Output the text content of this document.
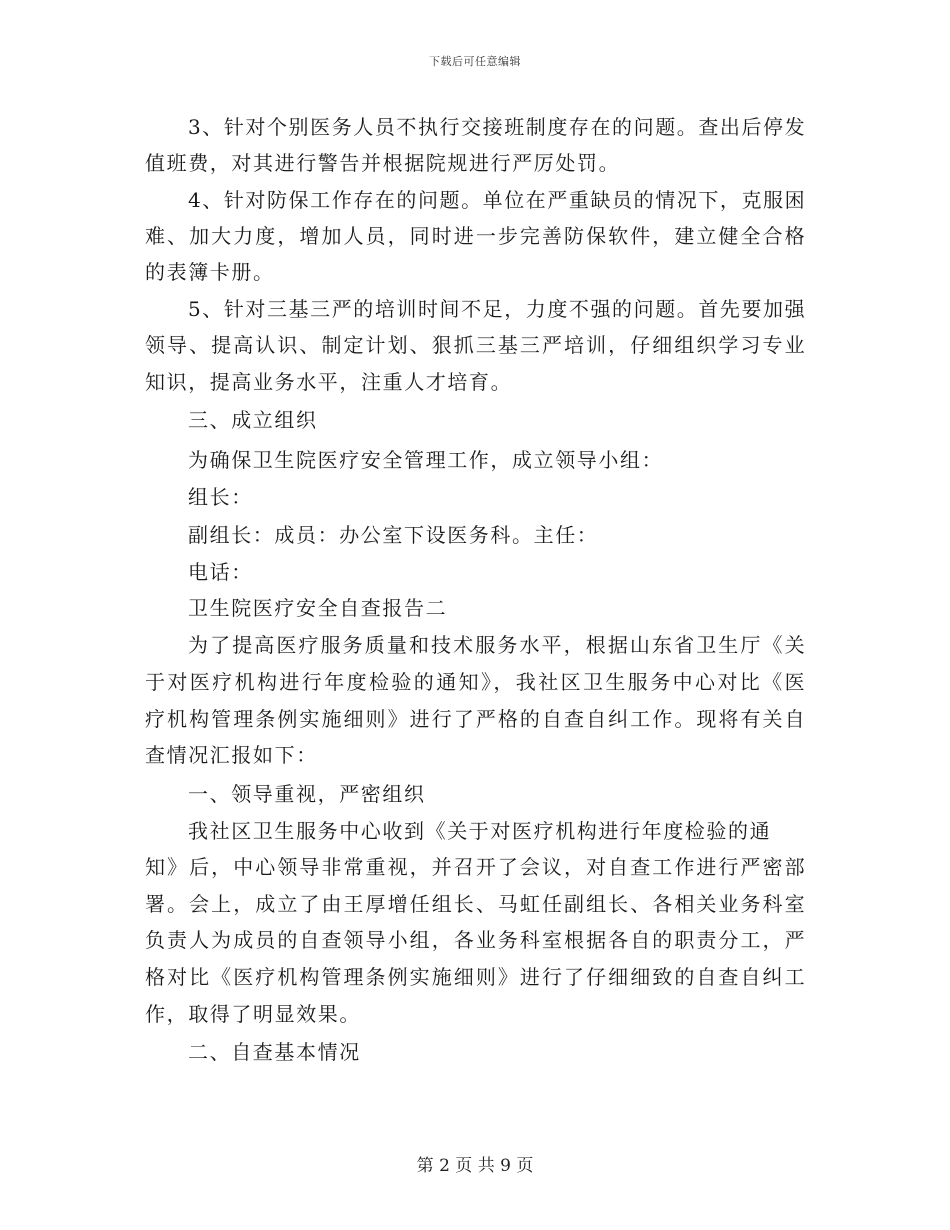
下载后可任意编辑
3、针对个别医务人员不执行交接班制度存在的问题。查出后停发
值班费，对其进行警告并根据院规进行严厉处罚。
4、针对防保工作存在的问题。单位在严重缺员的情况下，克服困
难、加大力度，增加人员，同时进一步完善防保软件，建立健全合格
的表簿卡册。
5、针对三基三严的培训时间不足，力度不强的问题。首先要加强
领导、提高认识、制定计划、狠抓三基三严培训，仔细组织学习专业
知识，提高业务水平，注重人才培育。
三、成立组织
为确保卫生院医疗安全管理工作，成立领导小组：
组长：
副组长：成员：办公室下设医务科。主任：
电话：
卫生院医疗安全自查报告二
为了提高医疗服务质量和技术服务水平，根据山东省卫生厅《关
于对医疗机构进行年度检验的通知》，我社区卫生服务中心对比《医
疗机构管理条例实施细则》进行了严格的自查自纠工作。现将有关自
查情况汇报如下：
一、领导重视，严密组织
我社区卫生服务中心收到《关于对医疗机构进行年度检验的通
知》后，中心领导非常重视，并召开了会议，对自查工作进行严密部
署。会上，成立了由王厚增任组长、马虹任副组长、各相关业务科室
负责人为成员的自查领导小组，各业务科室根据各自的职责分工，严
格对比《医疗机构管理条例实施细则》进行了仔细细致的自查自纠工
作，取得了明显效果。
二、自查基本情况
第 2 页 共 9 页
